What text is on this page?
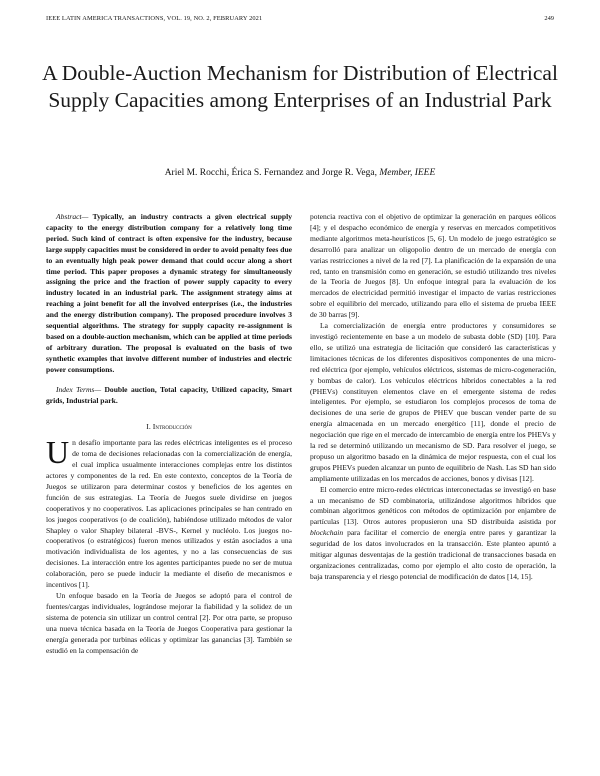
IEEE LATIN AMERICA TRANSACTIONS, VOL. 19, NO. 2, FEBRUARY 2021	249
A Double-Auction Mechanism for Distribution of Electrical Supply Capacities among Enterprises of an Industrial Park
Ariel M. Rocchi, Érica S. Fernandez and Jorge R. Vega, Member, IEEE

Abstract— Typically, an industry contracts a given electrical supply capacity to the energy distribution company for a relatively long time period. Such kind of contract is often expensive for the industry, because large supply capacities must be considered in order to avoid penalty fees due to an eventually high peak power demand that could occur along a short time period. This paper proposes a dynamic strategy for simultaneously assigning the price and the fraction of power supply capacity to every industry located in an industrial park. The assignment strategy aims at reaching a joint benefit for all the involved enterprises (i.e., the industries and the energy distribution company). The proposed procedure involves 3 sequential algorithms. The strategy for supply capacity re-assignment is based on a double-auction mechanism, which can be applied at time periods of arbitrary duration. The proposal is evaluated on the basis of two synthetic examples that involve different number of industries and electric power consumptions.

Index Terms— Double auction, Total capacity, Utilized capacity, Smart grids, Industrial park.

I. Introducción

Un desafío importante para las redes eléctricas inteligentes es el proceso de toma de decisiones relacionadas con la comercialización de energía, el cual implica usualmente interacciones complejas entre los distintos actores y componentes de la red. En este contexto, conceptos de la Teoría de Juegos se utilizaron para determinar costos y beneficios de los agentes en función de sus estrategias. La Teoría de Juegos suele dividirse en juegos cooperativos y no cooperativos. Las aplicaciones principales se han centrado en los juegos cooperativos (o de coalición), habiéndose utilizado métodos de valor Shapley o valor Shapley bilateral -BVS-, Kernel y nucléolo. Los juegos no-cooperativos (o estratégicos) fueron menos utilizados y están asociados a una motivación individualista de los agentes, y no a las consecuencias de sus decisiones. La interacción entre los agentes participantes puede no ser de mutua colaboración, pero se puede inducir la mediante el diseño de mecanismos e incentivos [1].

Un enfoque basado en la Teoría de Juegos se adoptó para el control de fuentes/cargas individuales, lográndose mejorar la fiabilidad y la solidez de un sistema de potencia sin utilizar un control central [2]. Por otra parte, se propuso una nueva técnica basada en la Teoría de Juegos Cooperativa para gestionar la energía generada por turbinas eólicas y optimizar las ganancias [3]. También se estudió en la compensación de

potencia reactiva con el objetivo de optimizar la generación en parques eólicos [4]; y el despacho económico de energía y reservas en mercados competitivos mediante algoritmos meta-heurísticos [5, 6]. Un modelo de juego estratégico se desarrolló para analizar un oligopolio dentro de un mercado de energía con varias restricciones a nivel de la red [7]. La planificación de la expansión de una red, tanto en transmisión como en generación, se estudió utilizando tres niveles de la Teoría de Juegos [8]. Un enfoque integral para la evaluación de los mercados de electricidad permitió investigar el impacto de varias restricciones sobre el equilibrio del mercado, utilizando para ello el sistema de prueba IEEE de 30 barras [9].

La comercialización de energía entre productores y consumidores se investigó recientemente en base a un modelo de subasta doble (SD) [10]. Para ello, se utilizó una estrategia de licitación que consideró las características y limitaciones técnicas de los diferentes dispositivos componentes de una micro-red eléctrica (por ejemplo, vehículos eléctricos, sistemas de micro-cogeneración, y bombas de calor). Los vehículos eléctricos híbridos conectables a la red (PHEVs) constituyen elementos clave en el emergente sistema de redes inteligentes. Por ejemplo, se estudiaron los complejos procesos de toma de decisiones de una serie de grupos de PHEV que buscan vender parte de su energía almacenada en un mercado energético [11], donde el precio de negociación que rige en el mercado de intercambio de energía entre los PHEVs y la red se determinó utilizando un mecanismo de SD. Para resolver el juego, se propuso un algoritmo basado en la dinámica de mejor respuesta, con el cual los grupos PHEVs pueden alcanzar un punto de equilibrio de Nash. Las SD han sido ampliamente utilizadas en los mercados de acciones, bonos y divisas [12].

El comercio entre micro-redes eléctricas interconectadas se investigó en base a un mecanismo de SD combinatoria, utilizándose algoritmos híbridos que combinan algoritmos genéticos con métodos de optimización por enjambre de partículas [13]. Otros autores propusieron una SD distribuida asistida por blockchain para facilitar el comercio de energía entre pares y garantizar la seguridad de los datos involucrados en la transacción. Este planteo apuntó a mitigar algunas desventajas de la gestión tradicional de transacciones basada en organizaciones centralizadas, como por ejemplo el alto costo de operación, la baja transparencia y el riesgo potencial de modificación de datos [14, 15].
